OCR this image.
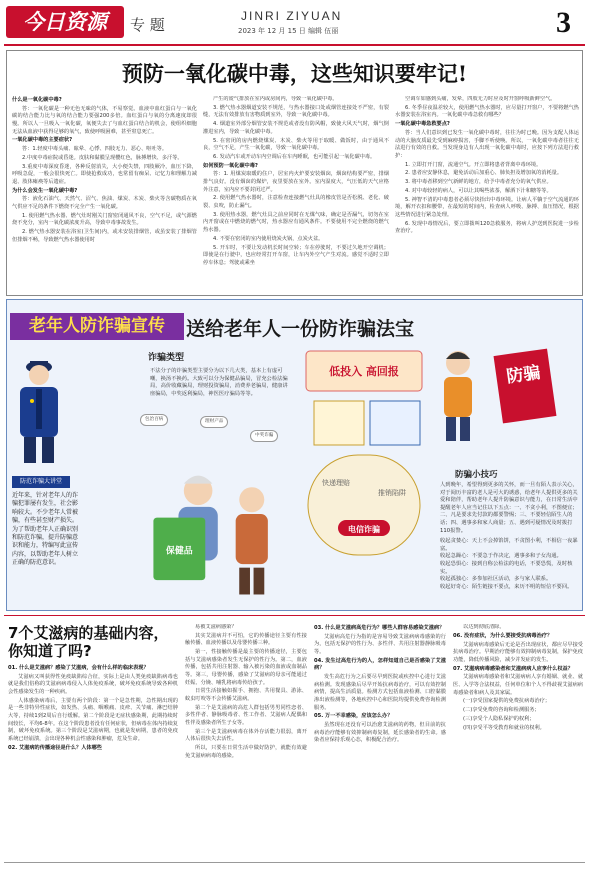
今日资源	专 题	JINRI ZIYUAN
2023 年 12 月 15 日 编辑 伍丽	3
预防一氧化碳中毒，这些知识要牢记!

什么是一氧化碳中毒?

答：一氧化碳是一种无色无味的气体，不易察觉。血液中血红蛋白与一氧化碳的结合能力比与氧的结合能力要强200多倍。血红蛋白与氧的分离速度却很慢。所以人一旦吸入一氧化碳，氧便失去了与血红蛋白结合的机会，使组织细胞无法从血液中获得足够的氧气，致使呼吸困难，甚至窒息死亡。

一氧化碳中毒的主要症状?

答：1.轻度中毒头痛、眩晕、心悸、四肢无力、恶心、呕吐等。

2.中度中毒症院或昏迷。皮肤和黏膜呈现樱红色，脉搏增快、多汗等。

3.重度中毒深度昏迷，各种反射消失，大小便失禁，四肢厥冷，血压下降，呼吸急促，一般会很快死亡。即使抢救成功，也常留有痴呆、记忆力和理解力减退、肢体瘫痪等后遗症。

为什么会发生一氧化碳中毒?

答：液化石油气、天然气、沼气、焦油、煤炭、木炭、柴火等含碳物质在氧气供应不足的条件下燃烧不完全产生一氧化碳。

1. 使用燃气热水器、燃气灶时刚关门窗密闭通风不良，空气不足，或气源燃烧不充分，室内一氧化碳浓度升高，导致中毒事故发生。

2. 燃气热水器安装在浴室(卫生间)内，或未安装排烟管，或虽安装了排烟管但排烟不畅，导致燃气热水器使用时

产生的废气排放在室内或房间内，导致一氧化碳中毒。

3. 燃气热水器烟道安装不规范，与热水器接口处或烟管连接处不严密，有裂缝，无法有效排放有害物质到室外，导致一氧化碳中毒。

4. 烟道室外部分烟管安装不规范或者没有防风帽，致使大风天气时，烟气倒灌进室内，导致一氧化碳中毒。

5. 在密闭的房内燃烧煤炭、木炭、柴火等用于取暖、做饭时，由于通风不良，空气不足，产生一氧化碳，导致一氧化碳中毒。

6. 发动汽车或开动车内空调后在车内睡眠，也可能引起一氧化碳中毒。

如何预防一氧化碳中毒?

答：1. 用煤炭取暖的住户，居室内火炉要安装烟囱，烟囱结构要严密，排烟排气良好。没有烟囱的煤炉，夜里要放在室外。室内湿度大，气压低的天气应格外注意，室内应不要封闭过严。

2. 使用燃气热水器时，注意检查连接燃气灶具的橡皮管是否松脱、老化、破裂、虫咬，防止漏气。

3. 使用热水器，燃气灶具之前应同时在无煤气味，确定是否漏气，切勿在室内开窗或在中燃烧的燃气时，热水器应有通风条件。不要使用不完全燃烧的燃气热水器。

4. 不要在密闭的室内使用烧炭火锅，点炭火盆。

5. 开车时，不要让发动机长时间空转；车在停驶时，不要过久地开空调机；即使是在行驶中，也应经常打开车窗，让车内外空气产生对流。感觉不适时立即停车休息；驾驶或乘坐

空调车如感到头痛，发晕，四肢无力时应及时开窗呼吸新鲜空气。

6. 冬季昼夜温差较大，使用燃气热水器时，应尽量打开窗户，不要将燃气热水器安装在浴室内。一氧化碳中毒急救有哪些？

一氧化碳中毒急救要点?

答：当人们意识到已发生一氧化碳中毒时，往往为时已晚。因为支配人体运动的大脑皮质最先受到麻痹损害，手脚不听使唤。所以，一氧化碳中毒者往往无法进行有效的自救。当发现身边有人出现一氧化碳中毒时，应按下列方法进行救护：

1. 立即打开门窗，流通空气。开立即将患者背离中毒环境。

2. 患者应安静休息，避免活动后加重心、肺负担及增加氧的消耗量。

3. 将中毒者移到空气新鲜的地方，给予中毒者充分的氧气供应。

4. 对中毒较轻的病人，可以让其喝些浓茶，解酒下汁和糖等等。

5. 神智不清的中毒患者必须尽快抬出中毒环境。让病人平躺于空气流通的环境，解开衣扣和腰带，在最短的时间内，检查病人呼吸、脉搏、血压情况，根据这些情况进行紧急处理。

6. 发现中毒情况后，要立即拨叫120急救服务，将病人护送到医院进一步检查治疗。

老年人防诈骗宣传	送给老年人一份防诈骗法宝
防范诈骗大讲堂
近年来，针对老年人的诈骗犯罪屡有发生，社会影响较大。不少老年人常被骗，有些甚至财产损失。为了帮助老年人正确识别和防范诈骗，提升防骗意识和能力，特编写此宣传内容，以帮助老年人树立正确的防范意识。
诈骗类型
不法分子的诈骗类型主要分为以下几大类，基本上有虚可嘲，换汤不换药。大致可以分为保健品骗局，冒充公检法骗局，高价收藏骗局，理财投资骗局，消费养老骗局，健康讲座骗局，中奖返利骗局，神医医疗骗局等等。
包治百病	理财产品
中奖诈骗
保健品
低投入 高回报
快递理赔
推销陷阱
电信诈骗
防骗
防骗小技巧
人到晚年，希望得到更多的关怀，而一旦有陌人表示关心，对于阅历丰富的老人是可大的诱惑，给老年人提供更多的关爱和陪伴，帮助老年人提升防骗意识与能力，在日常生活中提醒老年人应当记住以下五点：一、不贪小利，不图便宜；二、凡是要求先付款的都要警惕；三、不要轻信陌生人的话；四、遇事多和家人商量；五、遇到可疑情况及时拨打110报警。
收起贪婪心：天上不会掉馅饼，不贪图小利，不相信一夜暴富。
收起急躁心：不要急于作决定，遇事多和子女沟通。
收起恐惧心：接到自称公检法的电话，不要恐慌，及时核实。
收起孤独心：多参加社区活动，多与家人联系。
收起好奇心：陌生链接不要点，来历不明的短信不要回。
7个艾滋病的基础内容，你知道了吗?

01. 什么是艾滋病？感染了艾滋病，会有什么样的临床表现？

艾滋病又叫获得性免疫缺陷综合征，实际上是由人类免疫缺陷病毒也就是我们俗称的艾滋病病毒侵入人体免疫系统，破坏免疫系统导致各种机会性感染发生的一种疾病。

人体感染病毒后，主要有两个阶段：第一个是急性期，急性期出现的是一些非特异性症状，如发热、头痛、咽喉痛、皮疹、关节痛、淋巴结肿大等，持续1到2周后自行缓解。第二个阶段是无症状感染期，此期持续时间较长，平均6-8年。在这个阶段患者没有任何症状，但病毒在体内持续复制，破坏免疫系统。第三个阶段是艾滋病期，也就是发病期，患者的免疫系统已经崩溃，会出现各种机会性感染和肿瘤，危及生命。

02. 艾滋病的传播途径是什么？人体哪些

易被艾滋病感染？

其实艾滋病并不可怕，它的传播途径主要有性接触传播、血液传播以及母婴传播三种。

第一，性接触传播是最主要的传播途径，主要包括与艾滋病感染者发生无保护的性行为。第二，血液传播，包括共用注射器、输入被污染的血液或血制品等。第三，母婴传播，感染了艾滋病的母亲可能通过妊娠、分娩、哺乳将病毒传给孩子。

日常生活接触如握手、拥抱、共用餐具、游泳、蚊虫叮咬等不会传播艾滋病。

第二个是艾滋病的高危人群包括男男同性恋者、多性伴者、静脉吸毒者、性工作者、艾滋病人配偶和性伴及感染者所生子女等。

第三个是艾滋病病毒在体外存活能力很弱，离开人体后很快失去活性。

所以，只要在日常生活中做好防护，就能有效避免艾滋病病毒的感染。

03. 什么是艾滋病高危行为？哪些人群容易感染艾滋病？

艾滋病高危行为指的是容易导致艾滋病病毒感染的行为，包括无保护的性行为、多性伴、共用注射器静脉吸毒等。

04. 发生过高危行为的人，怎样知道自己是否感染了艾滋病？

发生高危行为之后要尽早到医院或疾控中心进行艾滋病检测。发现感染后尽早开始抗病毒治疗，可以有效控制病情，提高生活质量。检测方式包括血液检测、口腔黏膜渗出液检测等，各地疾控中心和医院均提供免费咨询检测服务。

05. 万一不幸感染，应该怎么办？

虽然现在还没有可以治愈艾滋病的药物，但目前的抗病毒治疗能够有效抑制病毒复制，延长感染者的生命。感染者应保持乐观心态，积极配合治疗。

以达到彻底清除。

06. 没有症状，为什么要接受抗病毒治疗？

艾滋病病毒感染后无论是否出现症状，都应尽早接受抗病毒治疗。早期治疗能够有效抑制病毒复制，保护免疫功能，降低传播风险，减少并发症的发生。

07. 艾滋病病毒感染者和艾滋病病人应享什么权益？

艾滋病病毒感染者和艾滋病病人享有婚姻、就业、就医、入学等合法权益，任何单位和个人不得歧视艾滋病病毒感染者和病人及其家属。

(一)享受国家提供的免费抗病毒治疗；

(二)享受免费的咨询和检测服务；

(三)享受个人隐私保护的权利；

(四)享受平等受教育和就业的权利。
